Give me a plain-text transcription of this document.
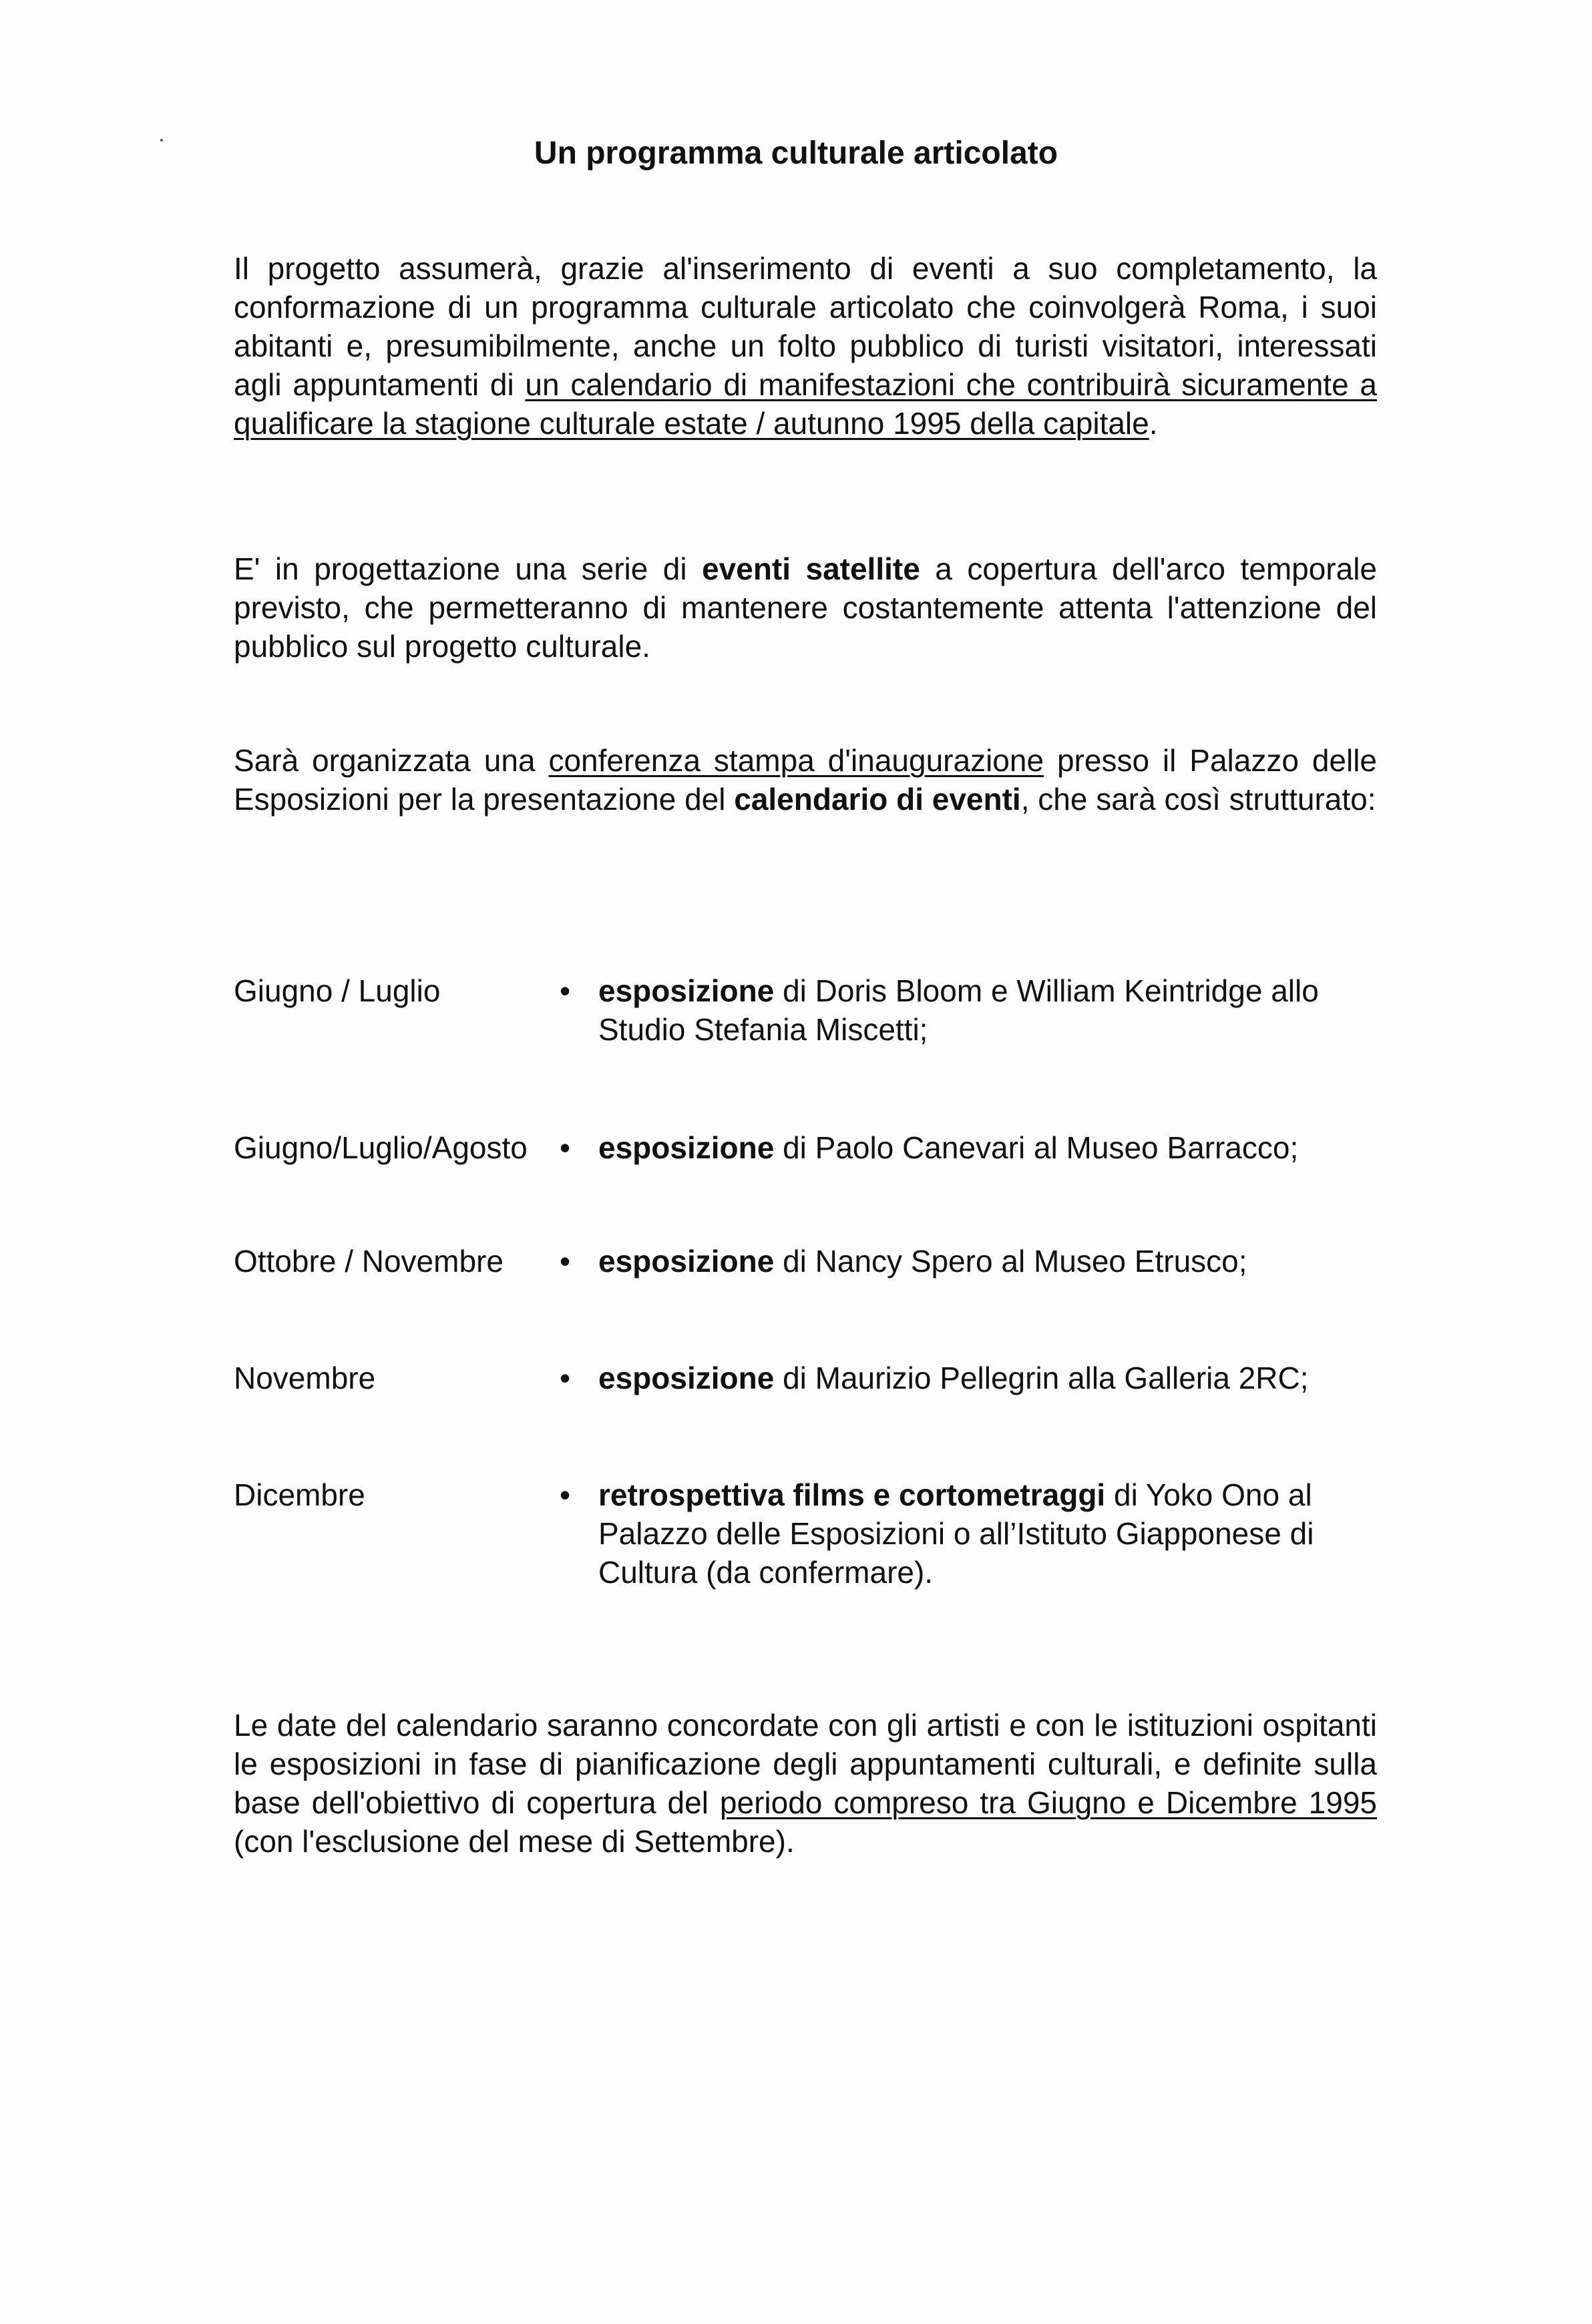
Un programma culturale articolato

Il progetto assumerà, grazie al'inserimento di eventi a suo completamento, la conformazione di un programma culturale articolato che coinvolgerà Roma, i suoi abitanti e, presumibilmente, anche un folto pubblico di turisti visitatori, interessati agli appuntamenti di un calendario di manifestazioni che contribuirà sicuramente a qualificare la stagione culturale estate / autunno 1995 della capitale.

E' in progettazione una serie di eventi satellite a copertura dell'arco temporale previsto, che permetteranno di mantenere costantemente attenta l'attenzione del pubblico sul progetto culturale.

Sarà organizzata una conferenza stampa d'inaugurazione presso il Palazzo delle Esposizioni per la presentazione del calendario di eventi, che sarà così strutturato:

Giugno / Luglio	• esposizione di Doris Bloom e William Keintridge allo Studio Stefania Miscetti;
Giugno/Luglio/Agosto • esposizione di Paolo Canevari al Museo Barracco;
Ottobre / Novembre • esposizione di Nancy Spero al Museo Etrusco;
Novembre	• esposizione di Maurizio Pellegrin alla Galleria 2RC;
Dicembre	• retrospettiva films e cortometraggi di Yoko Ono al Palazzo delle Esposizioni o all’Istituto Giapponese di Cultura (da confermare).

Le date del calendario saranno concordate con gli artisti e con le istituzioni ospitanti le esposizioni in fase di pianificazione degli appuntamenti culturali, e definite sulla base dell'obiettivo di copertura del periodo compreso tra Giugno e Dicembre 1995 (con l'esclusione del mese di Settembre).
